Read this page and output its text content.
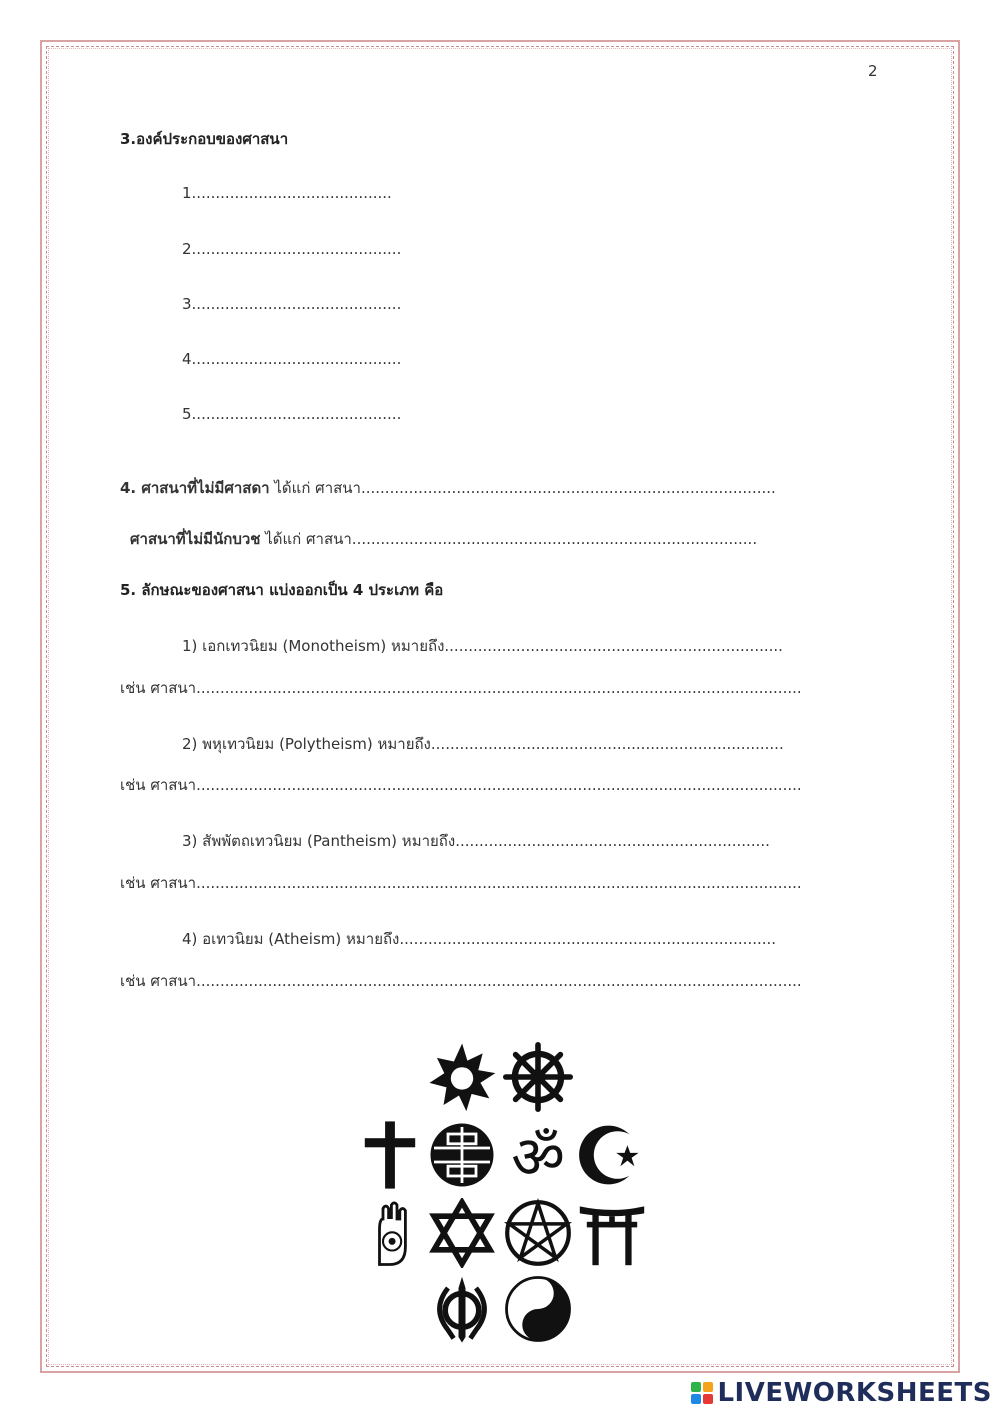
2
3.องค์ประกอบของศาสนา
1..........................................
2............................................
3............................................
4............................................
5............................................
4. ศาสนาที่ไม่มีศาสดา ได้แก่ ศาสนา.......................................................................................
ศาสนาที่ไม่มีนักบวช ได้แก่ ศาสนา.....................................................................................
5. ลักษณะของศาสนา แบ่งออกเป็น 4 ประเภท คือ
1) เอกเทวนิยม (Monotheism) หมายถึง.......................................................................
เช่น ศาสนา...............................................................................................................................
2) พหุเทวนิยม (Polytheism) หมายถึง..........................................................................
เช่น ศาสนา...............................................................................................................................
3) สัพพัตถเทวนิยม (Pantheism) หมายถึง..................................................................
เช่น ศาสนา...............................................................................................................................
4) อเทวนิยม (Atheism) หมายถึง...............................................................................
เช่น ศาสนา...............................................................................................................................
ॐ
LIVEWORKSHEETS
